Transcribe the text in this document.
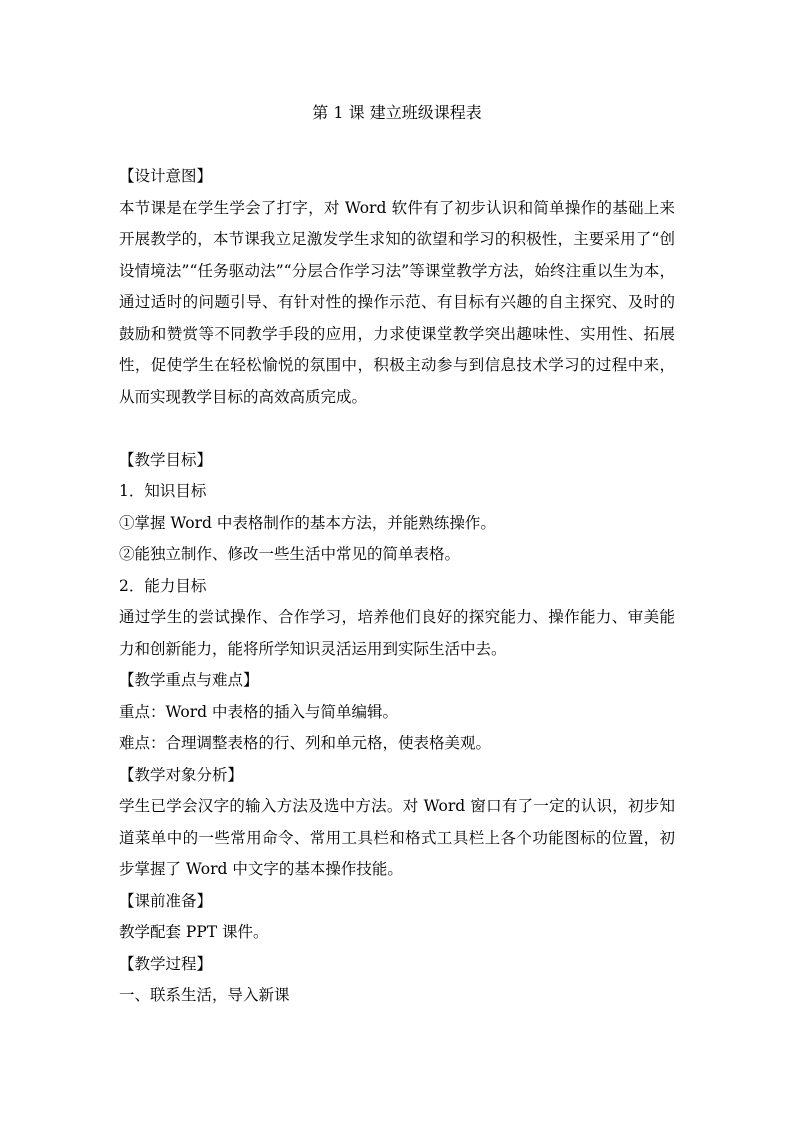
第 1 课 建立班级课程表
【设计意图】
本节课是在学生学会了打字，对 Word 软件有了初步认识和简单操作的基础上来开展教学的，本节课我立足激发学生求知的欲望和学习的积极性，主要采用了“创设情境法”“任务驱动法”“分层合作学习法”等课堂教学方法，始终注重以生为本，通过适时的问题引导、有针对性的操作示范、有目标有兴趣的自主探究、及时的鼓励和赞赏等不同教学手段的应用，力求使课堂教学突出趣味性、实用性、拓展性，促使学生在轻松愉悦的氛围中，积极主动参与到信息技术学习的过程中来，从而实现教学目标的高效高质完成。
【教学目标】
1．知识目标
①掌握 Word 中表格制作的基本方法，并能熟练操作。
②能独立制作、修改一些生活中常见的简单表格。
2．能力目标
通过学生的尝试操作、合作学习，培养他们良好的探究能力、操作能力、审美能力和创新能力，能将所学知识灵活运用到实际生活中去。
【教学重点与难点】
重点：Word 中表格的插入与简单编辑。
难点：合理调整表格的行、列和单元格，使表格美观。
【教学对象分析】
学生已学会汉字的输入方法及选中方法。对 Word 窗口有了一定的认识，初步知道菜单中的一些常用命令、常用工具栏和格式工具栏上各个功能图标的位置，初步掌握了 Word 中文字的基本操作技能。
【课前准备】
教学配套 PPT 课件。
【教学过程】
一、联系生活，导入新课
